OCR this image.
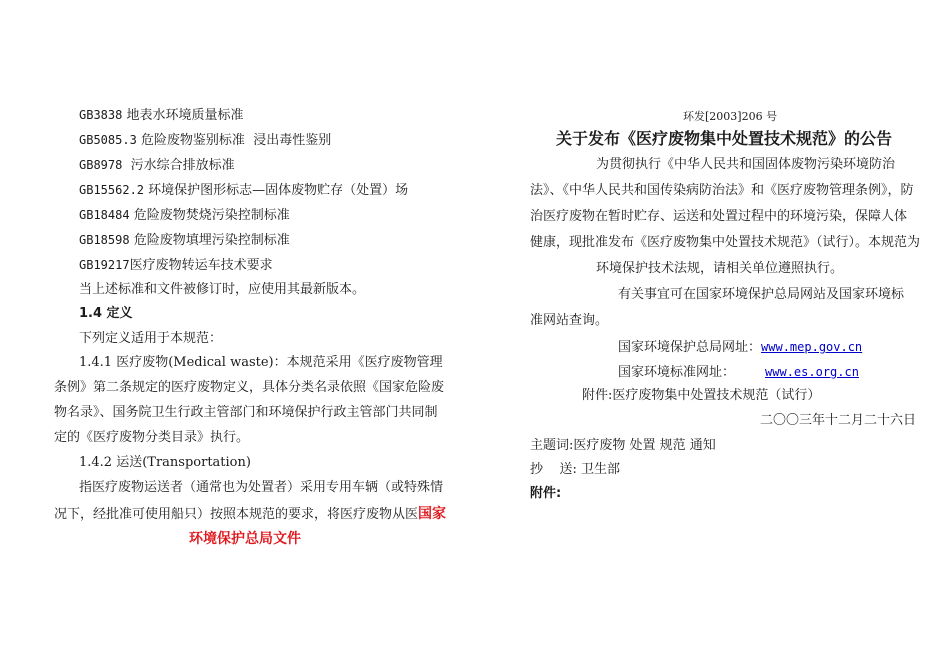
GB3838 地表水环境质量标准
GB5085.3 危险废物鉴别标准  浸出毒性鉴别
GB8978  污水综合排放标准
GB15562.2 环境保护图形标志—固体废物贮存（处置）场
GB18484 危险废物焚烧污染控制标准
GB18598 危险废物填埋污染控制标准
GB19217医疗废物转运车技术要求
当上述标准和文件被修订时，应使用其最新版本。
1.4 定义
下列定义适用于本规范：
1.4.1 医疗废物(Medical waste)：本规范采用《医疗废物管理
条例》第二条规定的医疗废物定义，具体分类名录依照《国家危险废
物名录》、国务院卫生行政主管部门和环境保护行政主管部门共同制
定的《医疗废物分类目录》执行。
1.4.2 运送(Transportation)
指医疗废物运送者（通常也为处置者）采用专用车辆（或特殊情
况下，经批准可使用船只）按照本规范的要求，将医疗废物从医国家
环境保护总局文件
环发[2003]206 号
关于发布《医疗废物集中处置技术规范》的公告
为贯彻执行《中华人民共和国固体废物污染环境防治
法》、《中华人民共和国传染病防治法》和《医疗废物管理条例》，防
治医疗废物在暂时贮存、运送和处置过程中的环境污染，保障人体
健康，现批准发布《医疗废物集中处置技术规范》（试行）。本规范为
环境保护技术法规，请相关单位遵照执行。
有关事宜可在国家环境保护总局网站及国家环境标
准网站查询。
国家环境保护总局网址：www.mep.gov.cn
国家环境标准网址：	www.es.org.cn
附件:医疗废物集中处置技术规范（试行）
二〇〇三年十二月二十六日
主题词:医疗废物 处置 规范 通知
抄    送: 卫生部
附件:
